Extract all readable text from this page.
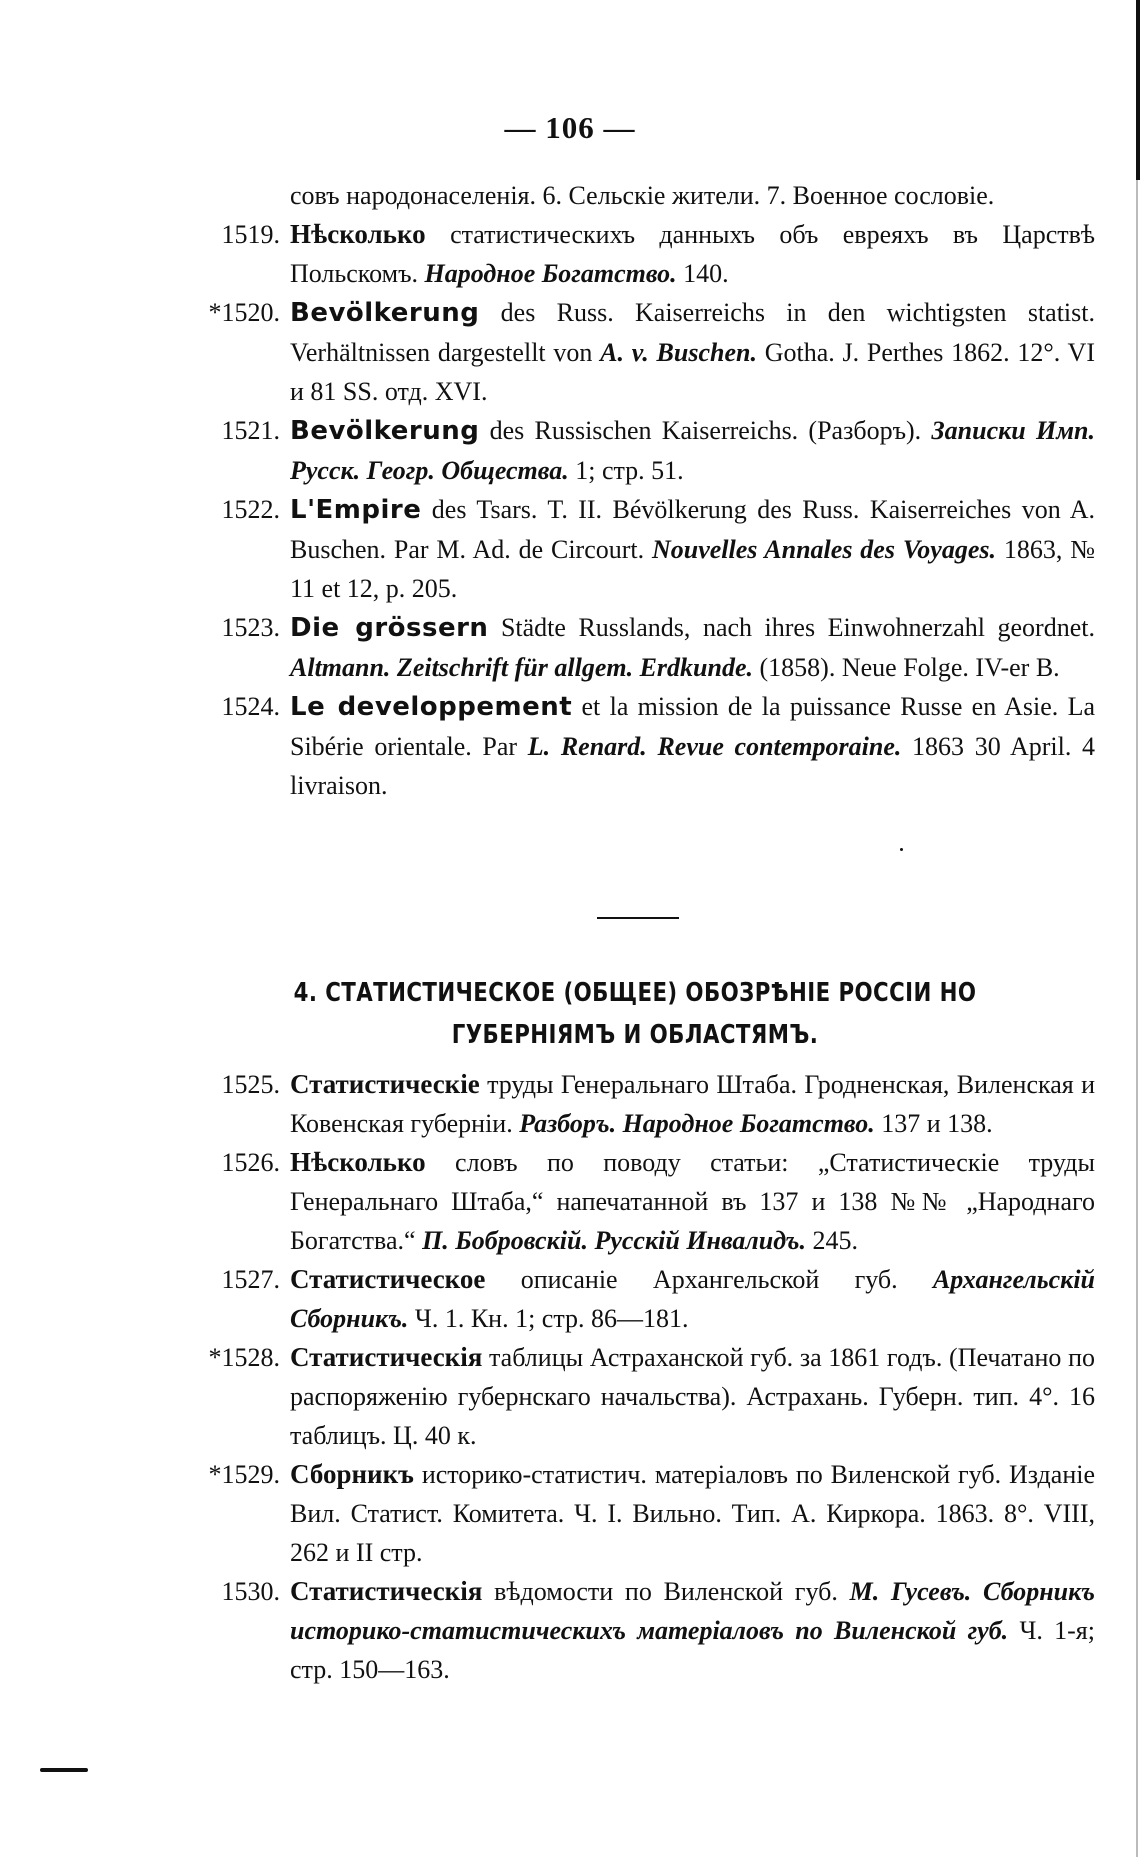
— 106 —
совъ народонаселенія. 6. Сельскіе жители. 7. Военное сословіе.
1519. Нѣсколько статистическихъ данныхъ объ евреяхъ въ Царствѣ Польскомъ. Народное Богатство. 140.
*1520. Bevölkerung des Russ. Kaiserreichs in den wichtigsten statist. Verhältnissen dargestellt von A. v. Buschen. Gotha. J. Perthes 1862. 12°. VI и 81 SS. отд. XVI.
1521. Bevölkerung des Russischen Kaiserreichs. (Разборъ). Записки Имп. Русск. Геогр. Общества. 1; стр. 51.
1522. L'Empire des Tsars. T. II. Bévölkerung des Russ. Kaiserreiches von A. Buschen. Par M. Ad. de Circourt. Nouvelles Annales des Voyages. 1863, № 11 et 12, p. 205.
1523. Die grössern Städte Russlands, nach ihres Einwohnerzahl geordnet. Altmann. Zeitschrift für allgem. Erdkunde. (1858). Neue Folge. IV-er B.
1524. Le developpement et la mission de la puissance Russe en Asie. La Sibérie orientale. Par L. Renard. Revue contemporaine. 1863 30 April. 4 livraison.
4. СТАТИСТИЧЕСКОЕ (ОБЩЕЕ) ОБОЗРѢНІЕ РОССІИ НО ГУБЕРНІЯМЪ И ОБЛАСТЯМЪ.
1525. Статистическіе труды Генеральнаго Штаба. Гродненская, Виленская и Ковенская губерніи. Разборъ. Народное Богатство. 137 и 138.
1526. Нѣсколько словъ по поводу статьи: „Статистическіе труды Генеральнаго Штаба,“ напечатанной въ 137 и 138 №№ „Народнаго Богатства.“ П. Бобровскій. Русскій Инвалидъ. 245.
1527. Статистическое описаніе Архангельской губ. Архангельскій Сборникъ. Ч. 1. Кн. 1; стр. 86—181.
*1528. Статистическія таблицы Астраханской губ. за 1861 годъ. (Печатано по распоряженію губернскаго начальства). Астрахань. Губерн. тип. 4°. 16 таблицъ. Ц. 40 к.
*1529. Сборникъ историко-статистич. матеріаловъ по Виленской губ. Изданіе Вил. Статист. Комитета. Ч. I. Вильно. Тип. А. Киркора. 1863. 8°. VIII, 262 и II стр.
1530. Статистическія вѣдомости по Виленской губ. М. Гусевъ. Сборникъ историко-статистическихъ матеріаловъ по Виленской губ. Ч. 1-я; стр. 150—163.
